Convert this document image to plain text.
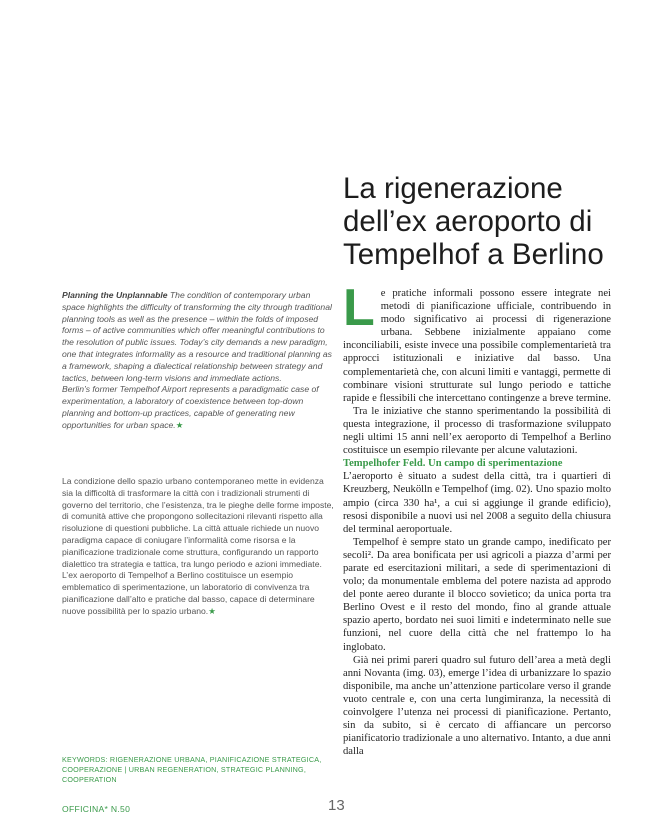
La rigenerazione
dell’ex aeroporto di
Tempelhof a Berlino
Planning the Unplannable The condition of contemporary urban space highlights the difficulty of transforming the city through traditional planning tools as well as the presence – within the folds of imposed forms – of active communities which offer meaningful contributions to the resolution of public issues. Today’s city demands a new paradigm, one that integrates informality as a resource and traditional planning as a framework, shaping a dialectical relationship between strategy and tactics, between long-term visions and immediate actions.
Berlin’s former Tempelhof Airport represents a paradigmatic case of experimentation, a laboratory of coexistence between top-down planning and bottom-up practices, capable of generating new opportunities for urban space.★
La condizione dello spazio urbano contemporaneo mette in evidenza sia la difficoltà di trasformare la città con i tradizionali strumenti di governo del territorio, che l’esistenza, tra le pieghe delle forme imposte, di comunità attive che propongono sollecitazioni rilevanti rispetto alla risoluzione di questioni pubbliche. La città attuale richiede un nuovo paradigma capace di coniugare l’informalità come risorsa e la pianificazione tradizionale come struttura, configurando un rapporto dialettico tra strategia e tattica, tra lungo periodo e azioni immediate. L’ex aeroporto di Tempelhof a Berlino costituisce un esempio emblematico di sperimentazione, un laboratorio di convivenza tra pianificazione dall’alto e pratiche dal basso, capace di determinare nuove possibilità per lo spazio urbano.★
KEYWORDS: RIGENERAZIONE URBANA, PIANIFICAZIONE STRATEGICA,
COOPERAZIONE | URBAN REGENERATION, STRATEGIC PLANNING, COOPERATION

Le pratiche informali possono essere integrate nei metodi di pianificazione ufficiale, contribuendo in modo significativo ai processi di rigenerazione urbana. Sebbene inizialmente appaiano come inconciliabili, esiste invece una possibile complementarietà tra approcci istituzionali e iniziative dal basso. Una complementarietà che, con alcuni limiti e vantaggi, permette di combinare visioni strutturate sul lungo periodo e tattiche rapide e flessibili che intercettano contingenze a breve termine.

Tra le iniziative che stanno sperimentando la possibilità di questa integrazione, il processo di trasformazione sviluppato negli ultimi 15 anni nell’ex aeroporto di Tempelhof a Berlino costituisce un esempio rilevante per alcune valutazioni.

Tempelhofer Feld. Un campo di sperimentazione

L’aeroporto è situato a sudest della città, tra i quartieri di Kreuzberg, Neukölln e Tempelhof (img. 02). Uno spazio molto ampio (circa 330 ha¹, a cui si aggiunge il grande edificio), resosi disponibile a nuovi usi nel 2008 a seguito della chiusura del terminal aeroportuale.

Tempelhof è sempre stato un grande campo, inedificato per secoli². Da area bonificata per usi agricoli a piazza d’armi per parate ed esercitazioni militari, a sede di sperimentazioni di volo; da monumentale emblema del potere nazista ad approdo del ponte aereo durante il blocco sovietico; da unica porta tra Berlino Ovest e il resto del mondo, fino al grande attuale spazio aperto, bordato nei suoi limiti e indeterminato nelle sue funzioni, nel cuore della città che nel frattempo lo ha inglobato.

Già nei primi pareri quadro sul futuro dell’area a metà degli anni Novanta (img. 03), emerge l’idea di urbanizzare lo spazio disponibile, ma anche un’attenzione particolare verso il grande vuoto centrale e, con una certa lungimiranza, la necessità di coinvolgere l’utenza nei processi di pianificazione. Pertanto, sin da subito, si è cercato di affiancare un percorso pianificatorio tradizionale a uno alternativo. Intanto, a due anni dalla

OFFICINA* N.50	13
